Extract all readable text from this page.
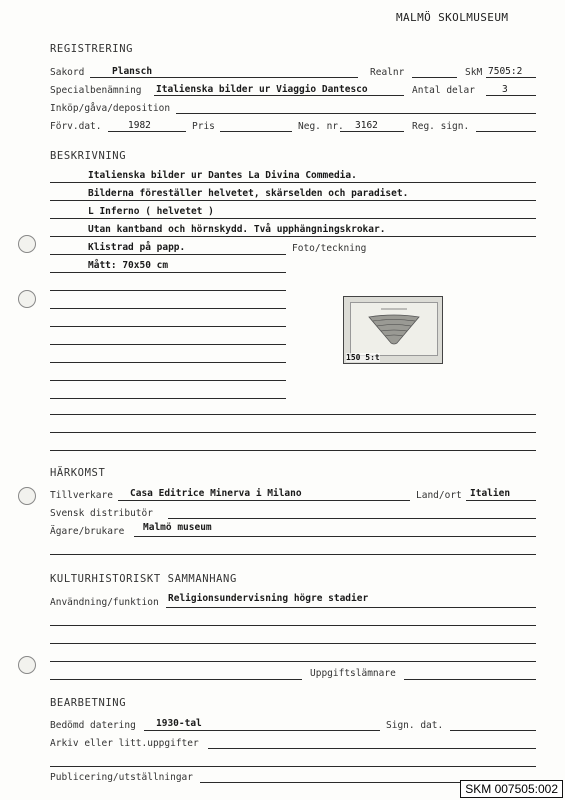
MALMÖ SKOLMUSEUM
REGISTRERING
Sakord	Plansch	Realnr	SkM 7505:2
Specialbenämning Italienska bilder ur Viaggio Dantesco	Antal delar	3
Inköp/gåva/deposition
Förv.dat.	1982	Pris	Neg. nr. 3162	Reg. sign.
BESKRIVNING
Italienska bilder ur Dantes La Divina Commedia.
Bilderna föreställer helvetet, skärselden och paradiset.
L Inferno ( helvetet )
Utan kantband och hörnskydd. Två upphängningskrokar.
Klistrad på papp.	Foto/teckning
Mått: 70x50 cm
150 5:t
HÄRKOMST
Tillverkare Casa Editrice Minerva i Milano	Land/ort Italien
Svensk distributör
Ägare/brukare Malmö museum
KULTURHISTORISKT SAMMANHANG
Användning/funktion Religionsundervisning högre stadier
Uppgiftslämnare
BEARBETNING
Bedömd datering 1930-tal	Sign. dat.
Arkiv eller litt.uppgifter
Publicering/utställningar
SKM 007505:002
